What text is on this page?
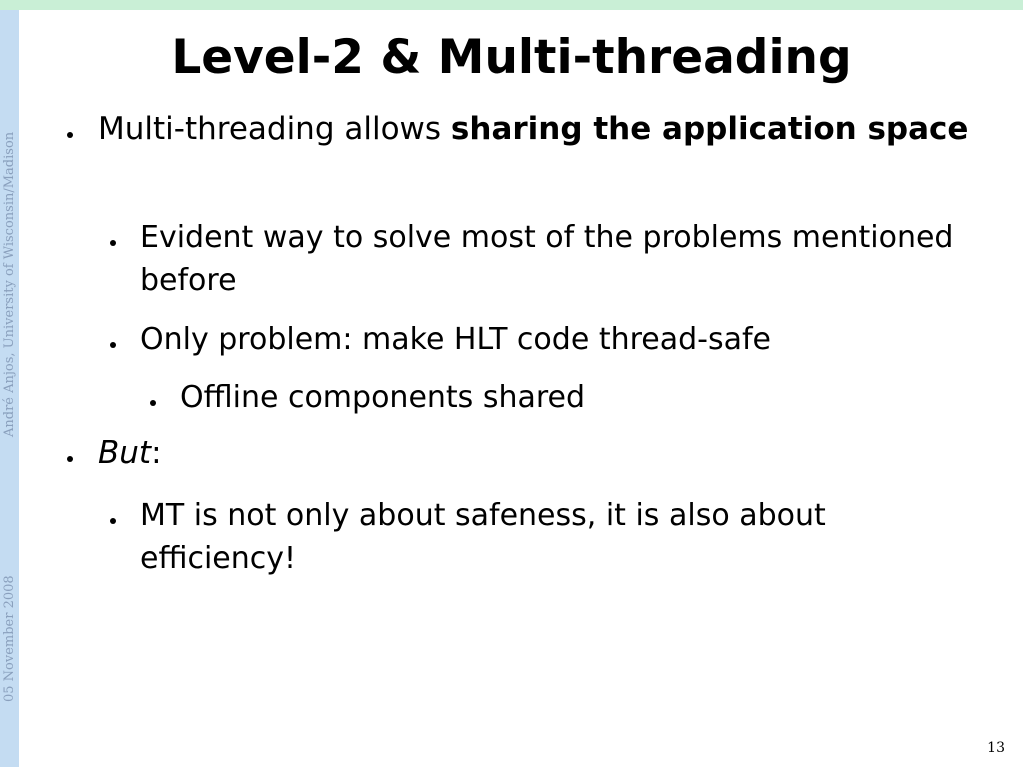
André Anjos, University of Wisconsin/Madison
05 November 2008
Level-2 & Multi-threading
Multi-threading allows sharing the application space
Evident way to solve most of the problems mentioned before
Only problem: make HLT code thread-safe
Offline components shared
But:
MT is not only about safeness, it is also about efficiency!
13
